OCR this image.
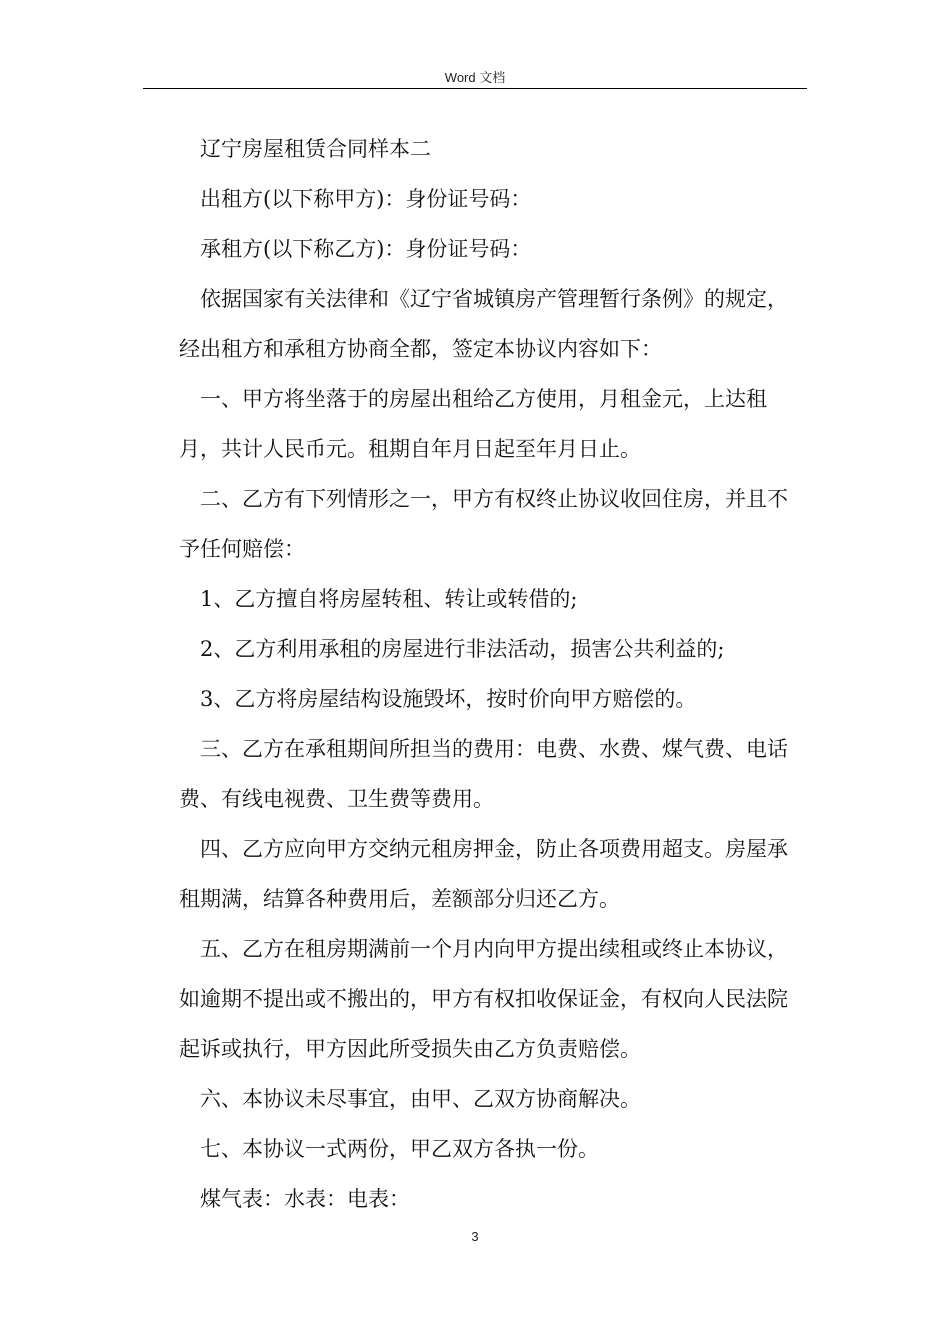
Word 文档

辽宁房屋租赁合同样本二

出租方(以下称甲方)：身份证号码：

承租方(以下称乙方)：身份证号码：

依据国家有关法律和《辽宁省城镇房产管理暂行条例》的规定，经出租方和承租方协商全都，签定本协议内容如下：

一、甲方将坐落于的房屋出租给乙方使用，月租金元，上达租月，共计人民币元。租期自年月日起至年月日止。

二、乙方有下列情形之一，甲方有权终止协议收回住房，并且不予任何赔偿：

1、乙方擅自将房屋转租、转让或转借的;

2、乙方利用承租的房屋进行非法活动，损害公共利益的;

3、乙方将房屋结构设施毁坏，按时价向甲方赔偿的。

三、乙方在承租期间所担当的费用：电费、水费、煤气费、电话费、有线电视费、卫生费等费用。

四、乙方应向甲方交纳元租房押金，防止各项费用超支。房屋承租期满，结算各种费用后，差额部分归还乙方。

五、乙方在租房期满前一个月内向甲方提出续租或终止本协议，如逾期不提出或不搬出的，甲方有权扣收保证金，有权向人民法院起诉或执行，甲方因此所受损失由乙方负责赔偿。

六、本协议未尽事宜，由甲、乙双方协商解决。

七、本协议一式两份，甲乙双方各执一份。

煤气表：水表：电表：

3
